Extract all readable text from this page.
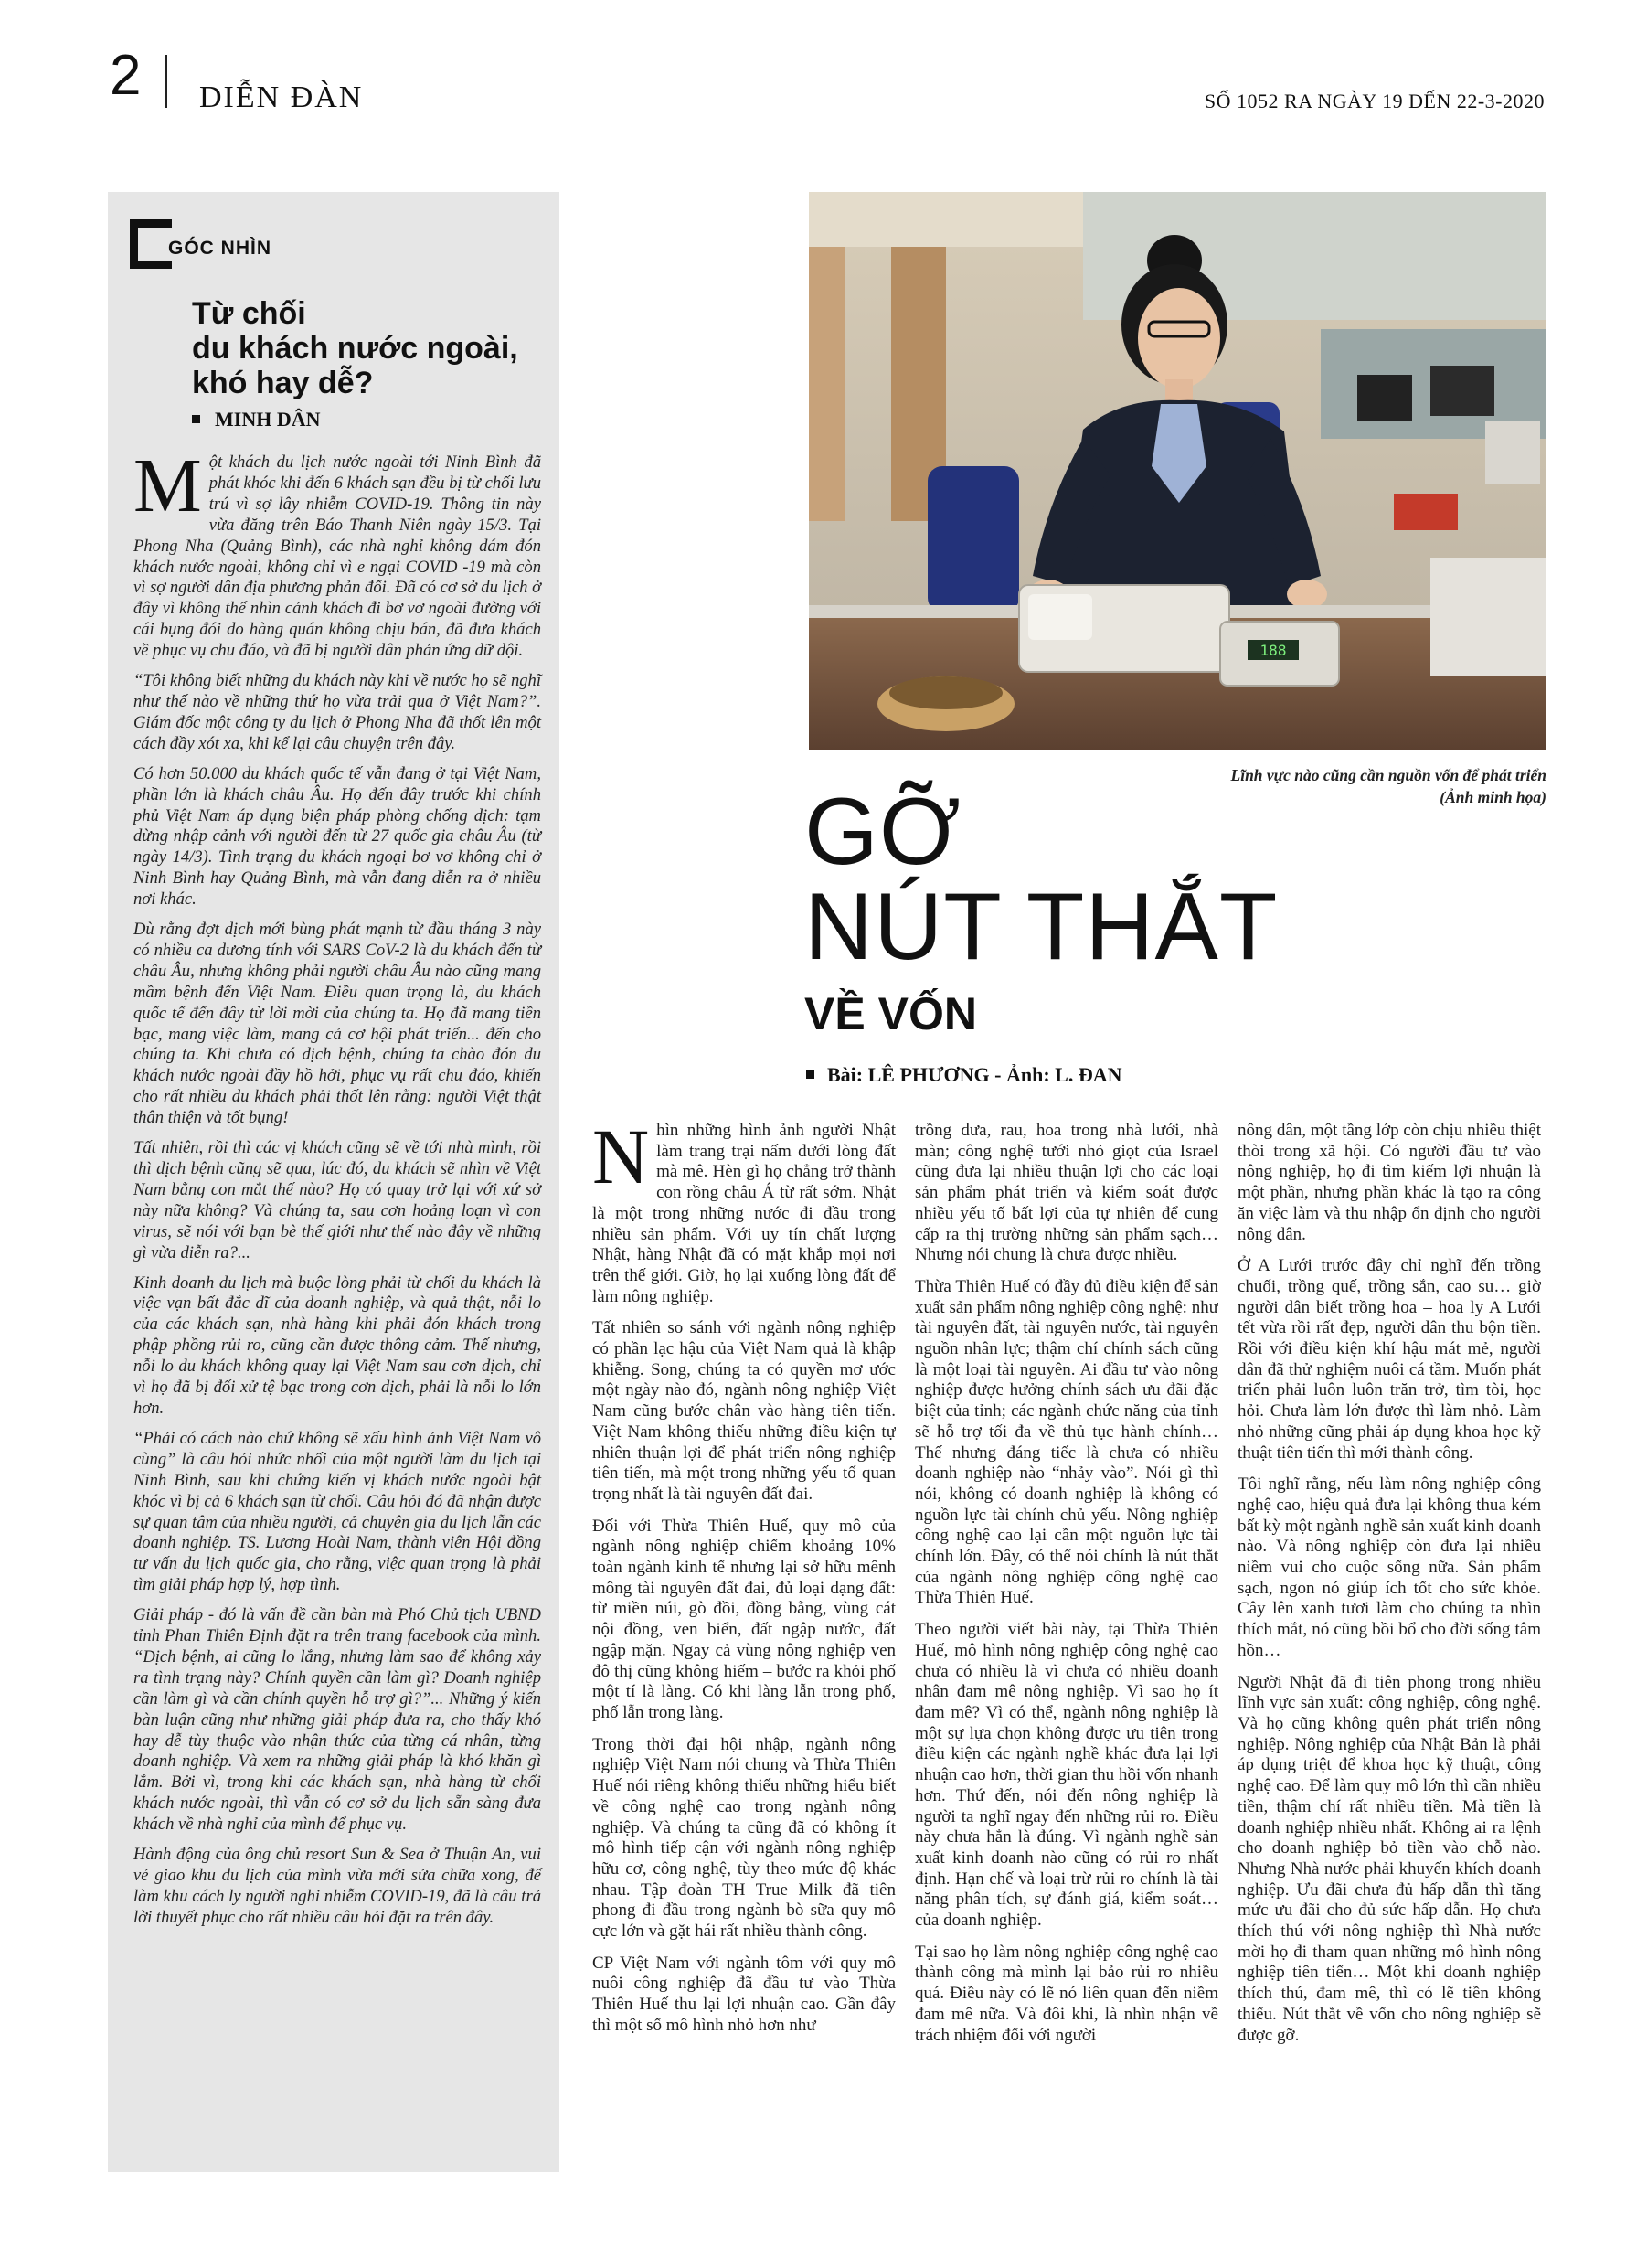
2 DIỄN ĐÀN	SỐ 1052 RA NGÀY 19 ĐẾN 22-3-2020
GÓC NHÌN
Từ chối
du khách nước ngoài,
khó hay dễ?
MINH DÂN

Một khách du lịch nước ngoài tới Ninh Bình đã phát khóc khi đến 6 khách sạn đều bị từ chối lưu trú vì sợ lây nhiễm COVID-19. Thông tin này vừa đăng trên Báo Thanh Niên ngày 15/3. Tại Phong Nha (Quảng Bình), các nhà nghỉ không dám đón khách nước ngoài, không chỉ vì e ngại COVID -19 mà còn vì sợ người dân địa phương phản đối. Đã có cơ sở du lịch ở đây vì không thể nhìn cảnh khách đi bơ vơ ngoài đường với cái bụng đói do hàng quán không chịu bán, đã đưa khách về phục vụ chu đáo, và đã bị người dân phản ứng dữ dội.

“Tôi không biết những du khách này khi về nước họ sẽ nghĩ như thế nào về những thứ họ vừa trải qua ở Việt Nam?”. Giám đốc một công ty du lịch ở Phong Nha đã thốt lên một cách đầy xót xa, khi kể lại câu chuyện trên đây.

Có hơn 50.000 du khách quốc tế vẫn đang ở tại Việt Nam, phần lớn là khách châu Âu. Họ đến đây trước khi chính phủ Việt Nam áp dụng biện pháp phòng chống dịch: tạm dừng nhập cảnh với người đến từ 27 quốc gia châu Âu (từ ngày 14/3). Tình trạng du khách ngoại bơ vơ không chỉ ở Ninh Bình hay Quảng Bình, mà vẫn đang diễn ra ở nhiều nơi khác.

Dù rằng đợt dịch mới bùng phát mạnh từ đầu tháng 3 này có nhiều ca dương tính với SARS CoV-2 là du khách đến từ châu Âu, nhưng không phải người châu Âu nào cũng mang mầm bệnh đến Việt Nam. Điều quan trọng là, du khách quốc tế đến đây từ lời mời của chúng ta. Họ đã mang tiền bạc, mang việc làm, mang cả cơ hội phát triển... đến cho chúng ta. Khi chưa có dịch bệnh, chúng ta chào đón du khách nước ngoài đầy hồ hởi, phục vụ rất chu đáo, khiến cho rất nhiều du khách phải thốt lên rằng: người Việt thật thân thiện và tốt bụng!

Tất nhiên, rồi thì các vị khách cũng sẽ về tới nhà mình, rồi thì dịch bệnh cũng sẽ qua, lúc đó, du khách sẽ nhìn về Việt Nam bằng con mắt thế nào? Họ có quay trở lại với xứ sở này nữa không? Và chúng ta, sau cơn hoảng loạn vì con virus, sẽ nói với bạn bè thế giới như thế nào đây về những gì vừa diễn ra?...

Kinh doanh du lịch mà buộc lòng phải từ chối du khách là việc vạn bất đắc dĩ của doanh nghiệp, và quả thật, nỗi lo của các khách sạn, nhà hàng khi phải đón khách trong phập phồng rủi ro, cũng cần được thông cảm. Thế nhưng, nỗi lo du khách không quay lại Việt Nam sau cơn dịch, chỉ vì họ đã bị đối xử tệ bạc trong cơn dịch, phải là nỗi lo lớn hơn.

“Phải có cách nào chứ không sẽ xấu hình ảnh Việt Nam vô cùng” là câu hỏi nhức nhối của một người làm du lịch tại Ninh Bình, sau khi chứng kiến vị khách nước ngoài bật khóc vì bị cả 6 khách sạn từ chối. Câu hỏi đó đã nhận được sự quan tâm của nhiều người, cả chuyên gia du lịch lẫn các doanh nghiệp. TS. Lương Hoài Nam, thành viên Hội đồng tư vấn du lịch quốc gia, cho rằng, việc quan trọng là phải tìm giải pháp hợp lý, hợp tình.

Giải pháp - đó là vấn đề cần bàn mà Phó Chủ tịch UBND tỉnh Phan Thiên Định đặt ra trên trang facebook của mình. “Dịch bệnh, ai cũng lo lắng, nhưng làm sao để không xảy ra tình trạng này? Chính quyền cần làm gì? Doanh nghiệp cần làm gì và cần chính quyền hỗ trợ gì?”... Những ý kiến bàn luận cũng như những giải pháp đưa ra, cho thấy khó hay dễ tùy thuộc vào nhận thức của từng cá nhân, từng doanh nghiệp. Và xem ra những giải pháp là khó khăn gì lắm. Bởi vì, trong khi các khách sạn, nhà hàng từ chối khách nước ngoài, thì vẫn có cơ sở du lịch sẵn sàng đưa khách về nhà nghỉ của mình để phục vụ.

Hành động của ông chủ resort Sun & Sea ở Thuận An, vui vẻ giao khu du lịch của mình vừa mới sửa chữa xong, để làm khu cách ly người nghi nhiễm COVID-19, đã là câu trả lời thuyết phục cho rất nhiều câu hỏi đặt ra trên đây.

188
Lĩnh vực nào cũng cần nguồn vốn để phát triển
(Ảnh minh họa)
GỠ
NÚT THẮT
VỀ VỐN
Bài: LÊ PHƯƠNG - Ảnh: L. ĐAN

Nhìn những hình ảnh người Nhật làm trang trại nấm dưới lòng đất mà mê. Hèn gì họ chẳng trở thành con rồng châu Á từ rất sớm. Nhật là một trong những nước đi đầu trong nhiều sản phẩm. Với uy tín chất lượng Nhật, hàng Nhật đã có mặt khắp mọi nơi trên thế giới. Giờ, họ lại xuống lòng đất để làm nông nghiệp.

Tất nhiên so sánh với ngành nông nghiệp có phần lạc hậu của Việt Nam quả là khập khiễng. Song, chúng ta có quyền mơ ước một ngày nào đó, ngành nông nghiệp Việt Nam cũng bước chân vào hàng tiên tiến. Việt Nam không thiếu những điều kiện tự nhiên thuận lợi để phát triển nông nghiệp tiên tiến, mà một trong những yếu tố quan trọng nhất là tài nguyên đất đai.

Đối với Thừa Thiên Huế, quy mô của ngành nông nghiệp chiếm khoảng 10% toàn ngành kinh tế nhưng lại sở hữu mênh mông tài nguyên đất đai, đủ loại dạng đất: từ miền núi, gò đồi, đồng bằng, vùng cát nội đồng, ven biển, đất ngập nước, đất ngập mặn. Ngay cả vùng nông nghiệp ven đô thị cũng không hiếm – bước ra khỏi phố một tí là làng. Có khi làng lẫn trong phố, phố lẫn trong làng.

Trong thời đại hội nhập, ngành nông nghiệp Việt Nam nói chung và Thừa Thiên Huế nói riêng không thiếu những hiểu biết về công nghệ cao trong ngành nông nghiệp. Và chúng ta cũng đã có không ít mô hình tiếp cận với ngành nông nghiệp hữu cơ, công nghệ, tùy theo mức độ khác nhau. Tập đoàn TH True Milk đã tiên phong đi đầu trong ngành bò sữa quy mô cực lớn và gặt hái rất nhiều thành công.

CP Việt Nam với ngành tôm với quy mô nuôi công nghiệp đã đầu tư vào Thừa Thiên Huế thu lại lợi nhuận cao. Gần đây thì một số mô hình nhỏ hơn như

trồng dưa, rau, hoa trong nhà lưới, nhà màn; công nghệ tưới nhỏ giọt của Israel cũng đưa lại nhiều thuận lợi cho các loại sản phẩm phát triển và kiểm soát được nhiều yếu tố bất lợi của tự nhiên để cung cấp ra thị trường những sản phẩm sạch… Nhưng nói chung là chưa được nhiều.

Thừa Thiên Huế có đầy đủ điều kiện để sản xuất sản phẩm nông nghiệp công nghệ: như tài nguyên đất, tài nguyên nước, tài nguyên nguồn nhân lực; thậm chí chính sách cũng là một loại tài nguyên. Ai đầu tư vào nông nghiệp được hưởng chính sách ưu đãi đặc biệt của tỉnh; các ngành chức năng của tỉnh sẽ hỗ trợ tối đa về thủ tục hành chính… Thế nhưng đáng tiếc là chưa có nhiều doanh nghiệp nào “nhảy vào”. Nói gì thì nói, không có doanh nghiệp là không có nguồn lực tài chính chủ yếu. Nông nghiệp công nghệ cao lại cần một nguồn lực tài chính lớn. Đây, có thể nói chính là nút thắt của ngành nông nghiệp công nghệ cao Thừa Thiên Huế.

Theo người viết bài này, tại Thừa Thiên Huế, mô hình nông nghiệp công nghệ cao chưa có nhiều là vì chưa có nhiều doanh nhân đam mê nông nghiệp. Vì sao họ ít đam mê? Vì có thể, ngành nông nghiệp là một sự lựa chọn không được ưu tiên trong điều kiện các ngành nghề khác đưa lại lợi nhuận cao hơn, thời gian thu hồi vốn nhanh hơn. Thứ đến, nói đến nông nghiệp là người ta nghĩ ngay đến những rủi ro. Điều này chưa hẳn là đúng. Vì ngành nghề sản xuất kinh doanh nào cũng có rủi ro nhất định. Hạn chế và loại trừ rủi ro chính là tài năng phân tích, sự đánh giá, kiểm soát… của doanh nghiệp.

Tại sao họ làm nông nghiệp công nghệ cao thành công mà mình lại bảo rủi ro nhiều quá. Điều này có lẽ nó liên quan đến niềm đam mê nữa. Và đôi khi, là nhìn nhận về trách nhiệm đối với người

nông dân, một tầng lớp còn chịu nhiều thiệt thòi trong xã hội. Có người đầu tư vào nông nghiệp, họ đi tìm kiếm lợi nhuận là một phần, nhưng phần khác là tạo ra công ăn việc làm và thu nhập ổn định cho người nông dân.

Ở A Lưới trước đây chỉ nghĩ đến trồng chuối, trồng quế, trồng sắn, cao su… giờ người dân biết trồng hoa – hoa ly A Lưới tết vừa rồi rất đẹp, người dân thu bộn tiền. Rồi với điều kiện khí hậu mát mẻ, người dân đã thử nghiệm nuôi cá tầm. Muốn phát triển phải luôn luôn trăn trở, tìm tòi, học hỏi. Chưa làm lớn được thì làm nhỏ. Làm nhỏ những cũng phải áp dụng khoa học kỹ thuật tiên tiến thì mới thành công.

Tôi nghĩ rằng, nếu làm nông nghiệp công nghệ cao, hiệu quả đưa lại không thua kém bất kỳ một ngành nghề sản xuất kinh doanh nào. Và nông nghiệp còn đưa lại nhiều niềm vui cho cuộc sống nữa. Sản phẩm sạch, ngon nó giúp ích tốt cho sức khỏe. Cây lên xanh tươi làm cho chúng ta nhìn thích mắt, nó cũng bồi bổ cho đời sống tâm hồn…

Người Nhật đã đi tiên phong trong nhiều lĩnh vực sản xuất: công nghiệp, công nghệ. Và họ cũng không quên phát triển nông nghiệp. Nông nghiệp của Nhật Bản là phải áp dụng triệt để khoa học kỹ thuật, công nghệ cao. Để làm quy mô lớn thì cần nhiều tiền, thậm chí rất nhiều tiền. Mà tiền là doanh nghiệp nhiều nhất. Không ai ra lệnh cho doanh nghiệp bỏ tiền vào chỗ nào. Nhưng Nhà nước phải khuyến khích doanh nghiệp. Ưu đãi chưa đủ hấp dẫn thì tăng mức ưu đãi cho đủ sức hấp dẫn. Họ chưa thích thú với nông nghiệp thì Nhà nước mời họ đi tham quan những mô hình nông nghiệp tiên tiến… Một khi doanh nghiệp thích thú, đam mê, thì có lẽ tiền không thiếu. Nút thắt về vốn cho nông nghiệp sẽ được gỡ.
